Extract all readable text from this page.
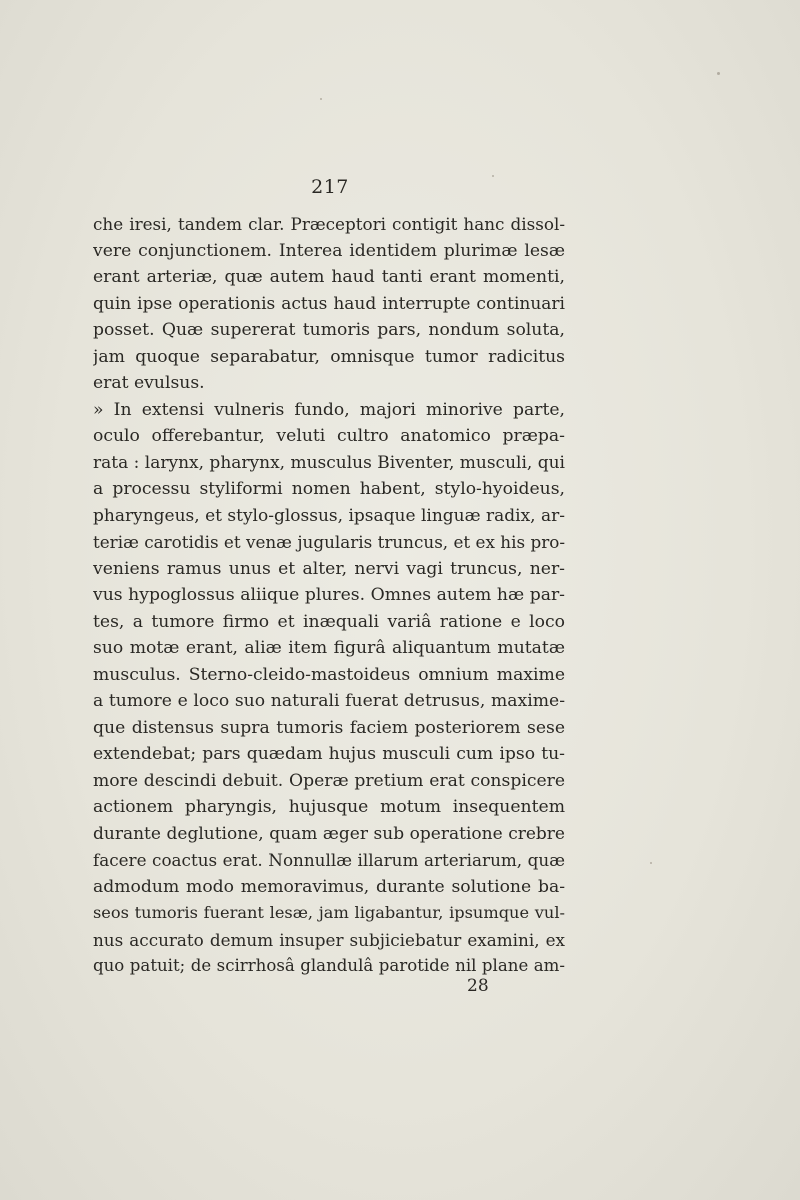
217
che iresi, tandem clar. Præceptori contigit hanc dissol-
vere conjunctionem. Interea identidem plurimæ lesæ
erant arteriæ, quæ autem haud tanti erant momenti,
quin ipse operationis actus haud interrupte continuari
posset. Quæ supererat tumoris pars, nondum soluta,
jam quoque separabatur, omnisque tumor radicitus
erat evulsus.
» In extensi vulneris fundo, majori minorive parte,
oculo offerebantur, veluti cultro anatomico præpa-
rata : larynx, pharynx, musculus Biventer, musculi, qui
a processu styliformi nomen habent, stylo-hyoideus,
pharyngeus, et stylo-glossus, ipsaque linguæ radix, ar-
teriæ carotidis et venæ jugularis truncus, et ex his pro-
veniens ramus unus et alter, nervi vagi truncus, ner-
vus hypoglossus aliique plures. Omnes autem hæ par-
tes, a tumore firmo et inæquali variâ ratione e loco
suo motæ erant, aliæ item figurâ aliquantum mutatæ
musculus. Sterno-cleido-mastoideus omnium maxime
a tumore e loco suo naturali fuerat detrusus, maxime-
que distensus supra tumoris faciem posteriorem sese
extendebat; pars quædam hujus musculi cum ipso tu-
more descindi debuit. Operæ pretium erat conspicere
actionem pharyngis, hujusque motum insequentem
durante deglutione, quam æger sub operatione crebre
facere coactus erat. Nonnullæ illarum arteriarum, quæ
admodum modo memoravimus, durante solutione ba-
seos tumoris fuerant lesæ, jam ligabantur, ipsumque vul-
nus accurato demum insuper subjiciebatur examini, ex
quo patuit; de scirrhosâ glandulâ parotide nil plane am-
28
